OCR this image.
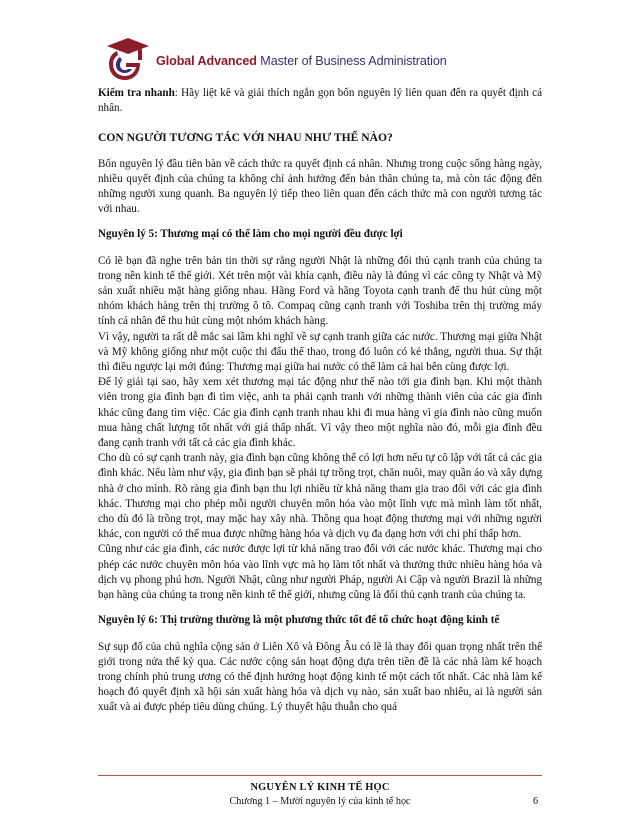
Global Advanced Master of Business Administration

Kiểm tra nhanh: Hãy liệt kê và giải thích ngắn gọn bốn nguyên lý liên quan đến ra quyết định cá nhân.

CON NGƯỜI TƯƠNG TÁC VỚI NHAU NHƯ THẾ NÀO?

Bốn nguyên lý đầu tiên bàn về cách thức ra quyết định cá nhân. Nhưng trong cuộc sống hàng ngày, nhiều quyết định của chúng ta không chỉ ảnh hưởng đến bản thân chúng ta, mà còn tác động đến những người xung quanh. Ba nguyên lý tiếp theo liên quan đến cách thức mà con người tương tác với nhau.

Nguyên lý 5: Thương mại có thể làm cho mọi người đều được lợi

Có lẽ bạn đã nghe trên bản tin thời sự rằng người Nhật là những đối thủ cạnh tranh của chúng ta trong nền kinh tế thế giới. Xét trên một vài khía cạnh, điều này là đúng vì các công ty Nhật và Mỹ sản xuất nhiều mặt hàng giống nhau. Hãng Ford và hãng Toyota cạnh tranh để thu hút cùng một nhóm khách hàng trên thị trường ô tô. Compaq cũng cạnh tranh với Toshiba trên thị trường máy tính cá nhân để thu hút cùng một nhóm khách hàng.

Vì vậy, người ta rất dễ mắc sai lầm khi nghĩ về sự cạnh tranh giữa các nước. Thương mại giữa Nhật và Mỹ không giống như một cuộc thi đấu thể thao, trong đó luôn có kẻ thắng, người thua. Sự thật thì điều ngược lại mới đúng: Thương mại giữa hai nước có thể làm cả hai bên cùng được lợi.

Để lý giải tại sao, hãy xem xét thương mại tác động như thế nào tới gia đình bạn. Khi một thành viên trong gia đình bạn đi tìm việc, anh ta phải cạnh tranh với những thành viên của các gia đình khác cũng đang tìm việc. Các gia đình cạnh tranh nhau khi đi mua hàng vì gia đình nào cũng muốn mua hàng chất lượng tốt nhất với giá thấp nhất. Vì vậy theo một nghĩa nào đó, mỗi gia đình đều đang cạnh tranh với tất cả các gia đình khác.

Cho dù có sự cạnh tranh này, gia đình bạn cũng không thể có lợi hơn nếu tự cô lập với tất cả các gia đình khác. Nếu làm như vậy, gia đình bạn sẽ phải tự trồng trọt, chăn nuôi, may quần áo và xây dựng nhà ở cho mình. Rõ ràng gia đình bạn thu lợi nhiều từ khả năng tham gia trao đổi với các gia đình khác. Thương mại cho phép mỗi người chuyên môn hóa vào một lĩnh vực mà mình làm tốt nhất, cho dù đó là trồng trọt, may mặc hay xây nhà. Thông qua hoạt động thương mại với những người khác, con người có thể mua được những hàng hóa và dịch vụ đa dạng hơn với chi phí thấp hơn.

Cũng như các gia đình, các nước được lợi từ khả năng trao đổi với các nước khác. Thương mại cho phép các nước chuyên môn hóa vào lĩnh vực mà họ làm tốt nhất và thưởng thức nhiều hàng hóa và dịch vụ phong phú hơn. Người Nhật, cũng như người Pháp, người Ai Cập và người Brazil là những bạn hàng của chúng ta trong nền kinh tế thế giới, nhưng cũng là đối thủ cạnh tranh của chúng ta.

Nguyên lý 6: Thị trường thường là một phương thức tốt để tổ chức hoạt động kinh tế

Sự sụp đổ của chủ nghĩa cộng sản ở Liên Xô và Đông Âu có lẽ là thay đổi quan trọng nhất trên thế giới trong nửa thế kỷ qua. Các nước cộng sản hoạt động dựa trên tiền đề là các nhà làm kế hoạch trong chính phủ trung ương có thể định hướng hoạt động kinh tế một cách tốt nhất. Các nhà làm kế hoạch đó quyết định xã hội sản xuất hàng hóa và dịch vụ nào, sản xuất bao nhiêu, ai là người sản xuất và ai được phép tiêu dùng chúng. Lý thuyết hậu thuẫn cho quá

NGUYÊN LÝ KINH TẾ HỌC
Chương 1 – Mười nguyên lý của kinh tế học	6
